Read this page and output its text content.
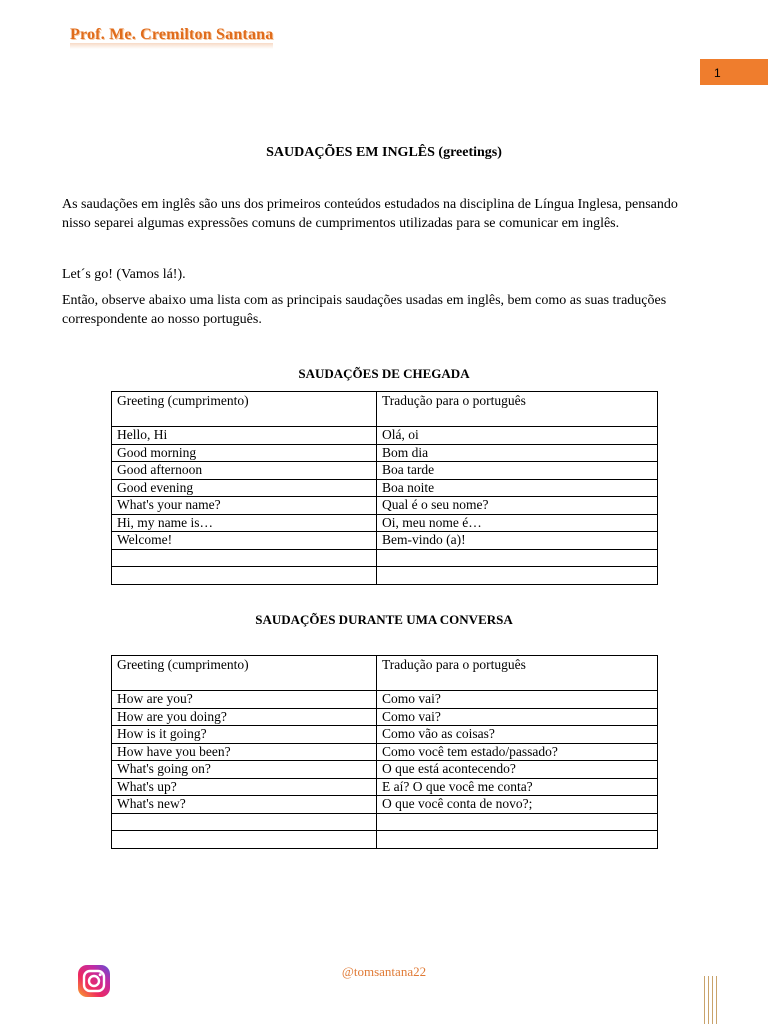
Prof. Me. Cremilton Santana
1
SAUDAÇÕES EM INGLÊS (greetings)
As saudações em inglês são uns dos primeiros conteúdos estudados na disciplina de Língua Inglesa, pensando nisso separei algumas expressões comuns de cumprimentos utilizadas para se comunicar em inglês.
Let´s go! (Vamos lá!).
Então, observe abaixo uma lista com as principais saudações usadas em inglês, bem como as suas traduções correspondente ao nosso português.
SAUDAÇÕES DE CHEGADA
Greeting (cumprimento)	Tradução para o português
Hello, Hi	Olá, oi
Good morning	Bom dia
Good afternoon	Boa tarde
Good evening	Boa noite
What's your name?	Qual é o seu nome?
Hi, my name is…	Oi, meu nome é…
Welcome!	Bem-vindo (a)!

SAUDAÇÕES DURANTE UMA CONVERSA
Greeting (cumprimento)	Tradução para o português
How are you?	Como vai?
How are you doing?	Como vai?
How is it going?	Como vão as coisas?
How have you been?	Como você tem estado/passado?
What's going on?	O que está acontecendo?
What's up?	E aí? O que você me conta?
What's new?	O que você conta de novo?;

@tomsantana22
